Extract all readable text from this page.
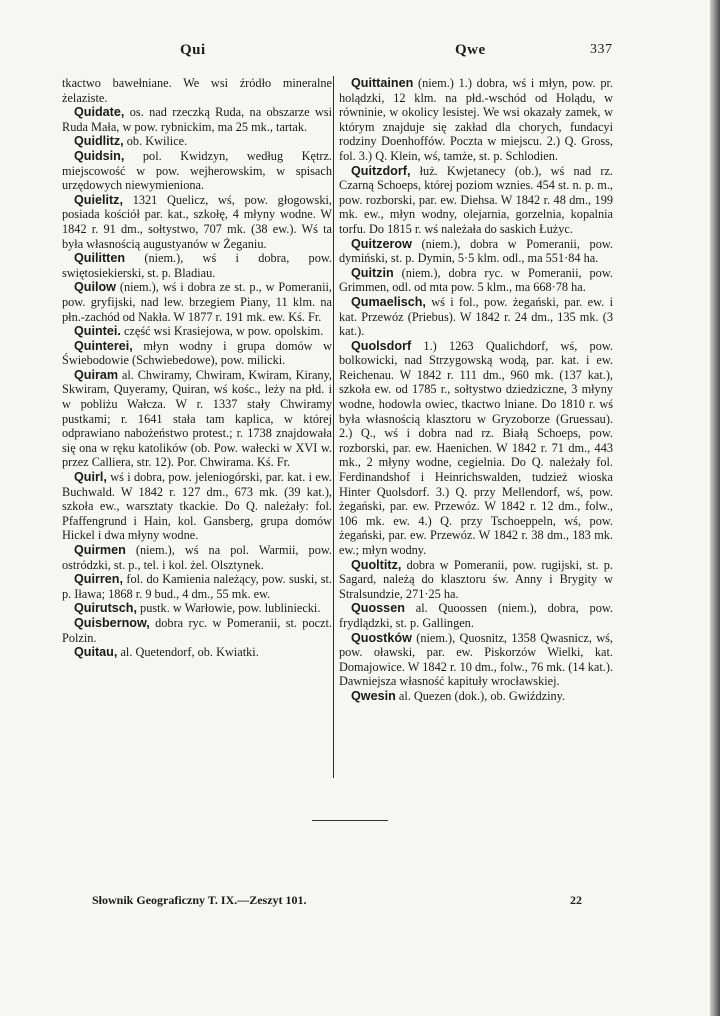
Qui	Qwe	337

tkactwo bawełniane. We wsi źródło mineralne żelaziste.

Quidate, os. nad rzeczką Ruda, na obszarze wsi Ruda Mała, w pow. rybnickim, ma 25 mk., tartak.

Quidlitz, ob. Kwilice.

Quidsin, pol. Kwidzyn, według Kętrz. miejscowość w pow. wejherowskim, w spisach urzędowych niewymieniona.

Quielitz, 1321 Quelicz, wś, pow. głogowski, posiada kościół par. kat., szkołę, 4 młyny wodne. W 1842 r. 91 dm., sołtystwo, 707 mk. (38 ew.). Wś ta była własnością augustyanów w Żeganiu.

Quilitten (niem.), wś i dobra, pow. swiętosiekierski, st. p. Bladiau.

Quilow (niem.), wś i dobra ze st. p., w Pomeranii, pow. gryfijski, nad lew. brzegiem Piany, 11 klm. na płn.-zachód od Nakła. W 1877 r. 191 mk. ew. Kś. Fr.

Quintei. część wsi Krasiejowa, w pow. opolskim.

Quinterei, młyn wodny i grupa domów w Świebodowie (Schwiebedowe), pow. milicki.

Quiram al. Chwiramy, Chwiram, Kwiram, Kirany, Skwiram, Quyeramy, Quiran, wś kośc., leży na płd. i w pobliżu Wałcza. W r. 1337 stały Chwiramy pustkami; r. 1641 stała tam kaplica, w której odprawiano nabożeństwo protest.; r. 1738 znajdowała się ona w ręku katolików (ob. Pow. wałecki w XVI w. przez Calliera, str. 12). Por. Chwirama. Kś. Fr.

Quirl, wś i dobra, pow. jeleniogórski, par. kat. i ew. Buchwald. W 1842 r. 127 dm., 673 mk. (39 kat.), szkoła ew., warsztaty tkackie. Do Q. należały: fol. Pfaffengrund i Hain, kol. Gansberg, grupa domów Hickel i dwa młyny wodne.

Quirmen (niem.), wś na pol. Warmii, pow. ostródzki, st. p., tel. i kol. żel. Olsztynek.

Quirren, fol. do Kamienia należący, pow. suski, st. p. Iława; 1868 r. 9 bud., 4 dm., 55 mk. ew.

Quirutsch, pustk. w Warłowie, pow. lubliniecki.

Quisbernow, dobra ryc. w Pomeranii, st. poczt. Polzin.

Quitau, al. Quetendorf, ob. Kwiatki.

Quittainen (niem.) 1.) dobra, wś i młyn, pow. pr. holądzki, 12 klm. na płd.-wschód od Holądu, w równinie, w okolicy lesistej. We wsi okazały zamek, w którym znajduje się zakład dla chorych, fundacyi rodziny Doenhoffów. Poczta w miejscu. 2.) Q. Gross, fol. 3.) Q. Klein, wś, tamże, st. p. Schlodien.

Quitzdorf, łuż. Kwjetanecy (ob.), wś nad rz. Czarną Schoeps, której poziom wznies. 454 st. n. p. m., pow. rozborski, par. ew. Diehsa. W 1842 r. 48 dm., 199 mk. ew., młyn wodny, olejarnia, gorzelnia, kopalnia torfu. Do 1815 r. wś należała do saskich Łużyc.

Quitzerow (niem.), dobra w Pomeranii, pow. dymiński, st. p. Dymin, 5·5 klm. odl., ma 551·84 ha.

Quitzin (niem.), dobra ryc. w Pomeranii, pow. Grimmen, odl. od mta pow. 5 klm., ma 668·78 ha.

Qumaelisch, wś i fol., pow. żegański, par. ew. i kat. Przewóz (Priebus). W 1842 r. 24 dm., 135 mk. (3 kat.).

Quolsdorf 1.) 1263 Qualichdorf, wś, pow. bolkowicki, nad Strzygowską wodą, par. kat. i ew. Reichenau. W 1842 r. 111 dm., 960 mk. (137 kat.), szkoła ew. od 1785 r., sołtystwo dziedziczne, 3 młyny wodne, hodowla owiec, tkactwo lniane. Do 1810 r. wś była własnością klasztoru w Gryzoborze (Gruessau). 2.) Q., wś i dobra nad rz. Białą Schoeps, pow. rozborski, par. ew. Haenichen. W 1842 r. 71 dm., 443 mk., 2 młyny wodne, cegielnia. Do Q. należały fol. Ferdinandshof i Heinrichswalden, tudzież wioska Hinter Quolsdorf. 3.) Q. przy Mellendorf, wś, pow. żegański, par. ew. Przewóz. W 1842 r. 12 dm., folw., 106 mk. ew. 4.) Q. przy Tschoeppeln, wś, pow. żegański, par. ew. Przewóz. W 1842 r. 38 dm., 183 mk. ew.; młyn wodny.

Quoltitz, dobra w Pomeranii, pow. rugijski, st. p. Sagard, należą do klasztoru św. Anny i Brygity w Stralsundzie, 271·25 ha.

Quossen al. Quoossen (niem.), dobra, pow. frydlądzki, st. p. Gallingen.

Quostków (niem.), Quosnitz, 1358 Qwasnicz, wś, pow. oławski, par. ew. Piskorzów Wielki, kat. Domajowice. W 1842 r. 10 dm., folw., 76 mk. (14 kat.). Dawniejsza własność kapituły wrocławskiej.

Qwesin al. Quezen (dok.), ob. Gwiździny.

Słownik Geograficzny T. IX.—Zeszyt 101.	22
